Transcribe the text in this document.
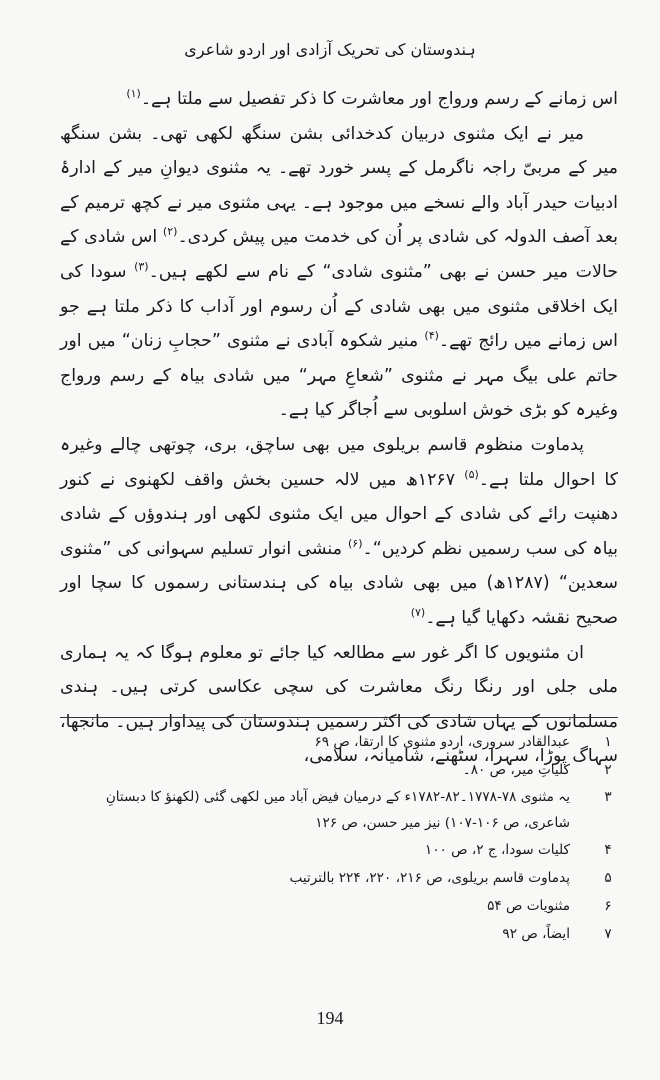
ہندوستان کی تحریک آزادی اور اردو شاعری

اس زمانے کے رسم ورواج اور معاشرت کا ذکر تفصیل سے ملتا ہے۔$^{(۱)}$

میر نے ایک مثنوی دربیان کدخدائی بشن سنگھ لکھی تھی۔ بشن سنگھ میر کے مربیّ راجہ ناگرمل کے پسر خورد تھے۔ یہ مثنوی دیوانِ میر کے ادارۂ ادبیات حیدر آباد والے نسخے میں موجود ہے۔ یہی مثنوی میر نے کچھ ترمیم کے بعد آصف الدولہ کی شادی پر اُن کی خدمت میں پیش کردی۔$^{(۲)}$ اس شادی کے حالات میر حسن نے بھی ”مثنوی شادی“ کے نام سے لکھے ہیں۔$^{(۳)}$ سودا کی ایک اخلاقی مثنوی میں بھی شادی کے اُن رسوم اور آداب کا ذکر ملتا ہے جو اس زمانے میں رائج تھے۔$^{(۴)}$ منیر شکوہ آبادی نے مثنوی ”حجابِ زنان“ میں اور حاتم علی بیگ مہر نے مثنوی ”شعاعِ مہر“ میں شادی بیاہ کے رسم ورواج وغیرہ کو بڑی خوش اسلوبی سے اُجاگر کیا ہے۔

پدماوت منظوم قاسم بریلوی میں بھی ساچق، بری، چوتھی چالے وغیرہ کا احوال ملتا ہے۔$^{(۵)}$ ۱۲۶۷ھ میں لالہ حسین بخش واقف لکھنوی نے کنور دھنپت رائے کی شادی کے احوال میں ایک مثنوی لکھی اور ہندوؤں کے شادی بیاہ کی سب رسمیں نظم کردیں“۔$^{(۶)}$ منشی انوار تسلیم سہوانی کی ”مثنوی سعدین“ (۱۲۸۷ھ) میں بھی شادی بیاہ کی ہندستانی رسموں کا سچا اور صحیح نقشہ دکھایا گیا ہے۔$^{(۷)}$

ان مثنویوں کا اگر غور سے مطالعہ کیا جائے تو معلوم ہوگا کہ یہ ہماری ملی جلی اور رنگا رنگ معاشرت کی سچی عکاسی کرتی ہیں۔ ہندی مسلمانوں کے یہاں شادی کی اکثر رسمیں ہندوستان کی پیداوار ہیں۔ مانجھا، سہاگ پوڑا، سہرا، سٹھنے، شامیانہ، سلامی،

۱
عبدالقادر سروری، اردو مثنوی کا ارتقا، ص ۶۹
۲
کلیاتِ میر، ص ۸۰۔
۳
یہ مثنوی ۷۸-۱۷۷۸۔۸۲-۱۷۸۲ء کے درمیان فیض آباد میں لکھی گئی (لکھنؤ کا دبستانِ شاعری، ص ۱۰۶-۱۰۷) نیز میر حسن، ص ۱۲۶
۴
کلیات سودا، ج ۲، ص ۱۰۰
۵
پدماوت قاسم بریلوی، ص ۲۱۶، ۲۲۰، ۲۲۴ بالترتیب
۶
مثنویات ص ۵۴
۷
ایضاً، ص ۹۲
194
